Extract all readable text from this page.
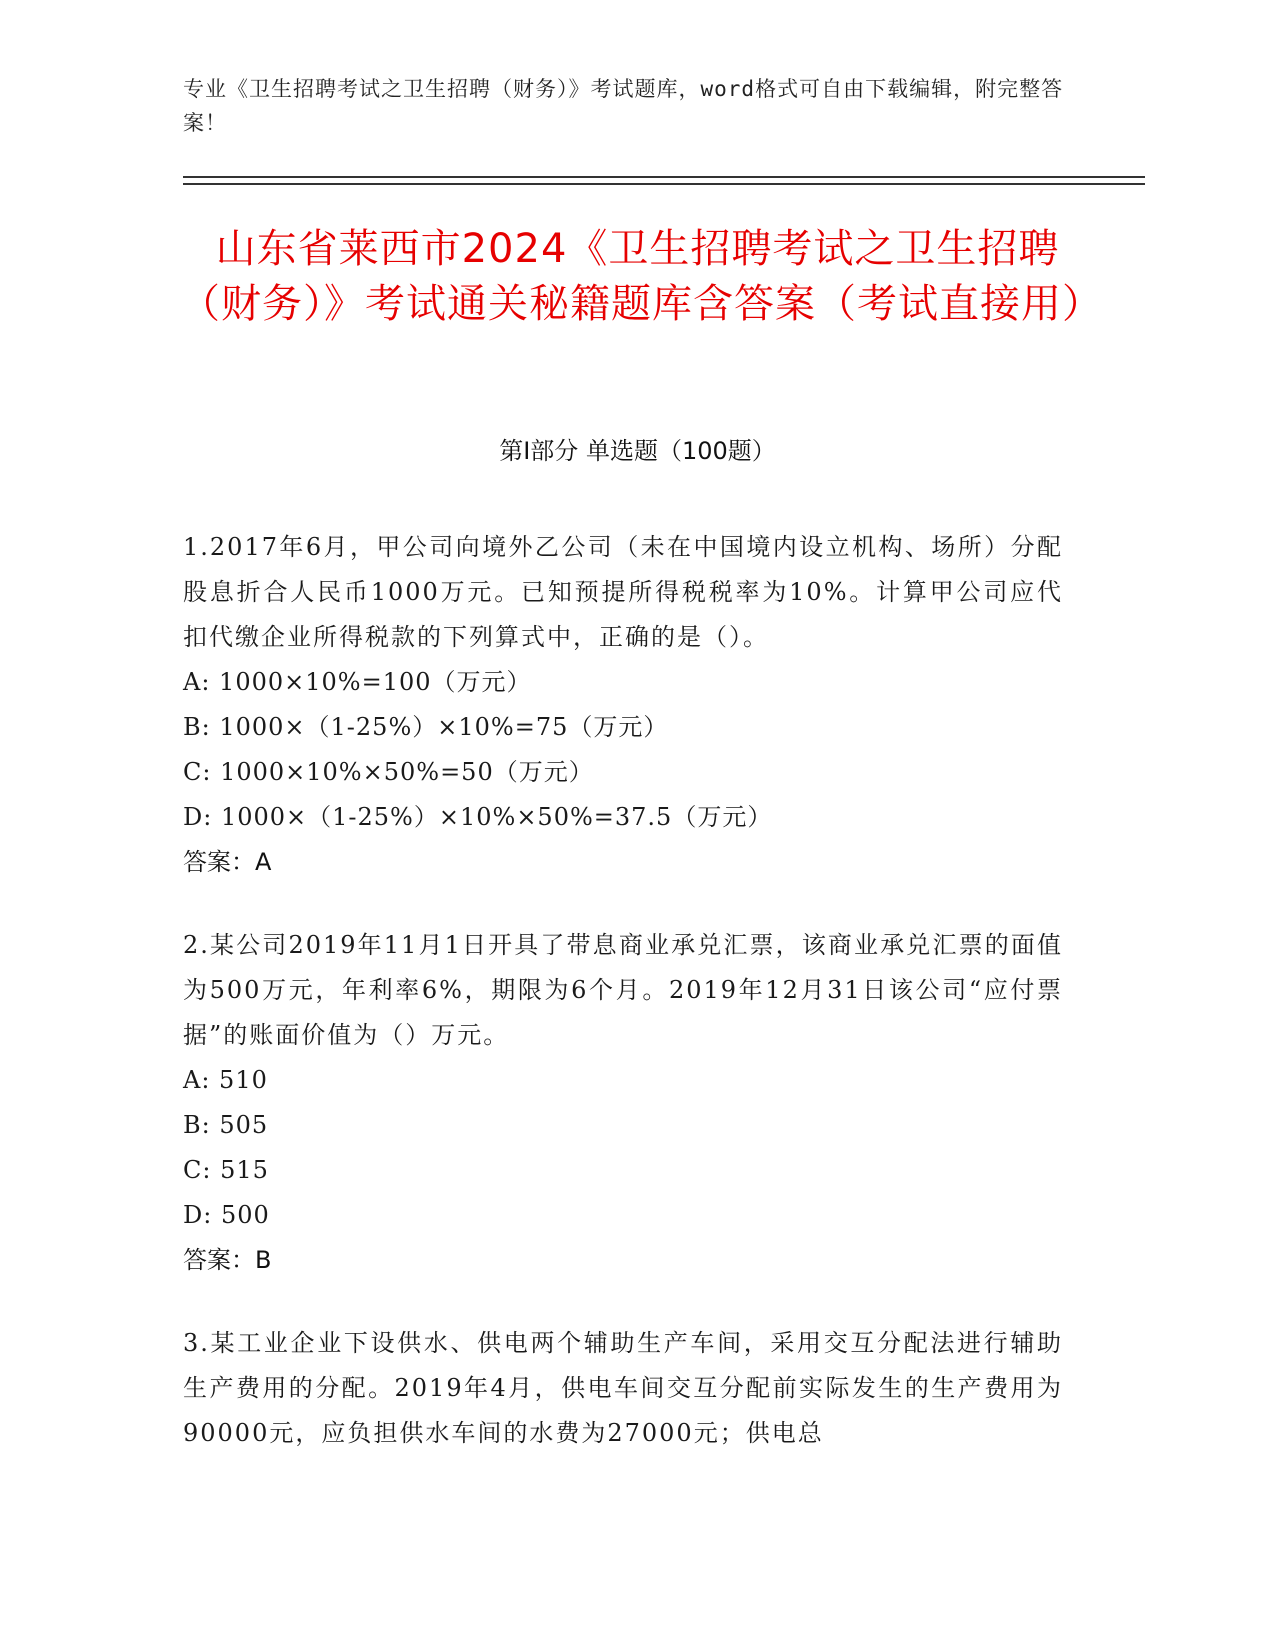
专业《卫生招聘考试之卫生招聘（财务）》考试题库，word格式可自由下载编辑，附完整答案！
山东省莱西市2024《卫生招聘考试之卫生招聘（财务）》考试通关秘籍题库含答案（考试直接用）
第I部分 单选题（100题）

1.2017年6月，甲公司向境外乙公司（未在中国境内设立机构、场所）分配股息折合人民币1000万元。已知预提所得税税率为10%。计算甲公司应代扣代缴企业所得税款的下列算式中，正确的是（）。

A: 1000×10%=100（万元）

B: 1000×（1-25%）×10%=75（万元）

C: 1000×10%×50%=50（万元）

D: 1000×（1-25%）×10%×50%=37.5（万元）

答案：A

2.某公司2019年11月1日开具了带息商业承兑汇票，该商业承兑汇票的面值为500万元，年利率6%，期限为6个月。2019年12月31日该公司“应付票据”的账面价值为（）万元。

A: 510

B: 505

C: 515

D: 500

答案：B

3.某工业企业下设供水、供电两个辅助生产车间，采用交互分配法进行辅助生产费用的分配。2019年4月，供电车间交互分配前实际发生的生产费用为90000元，应负担供水车间的水费为27000元；供电总
